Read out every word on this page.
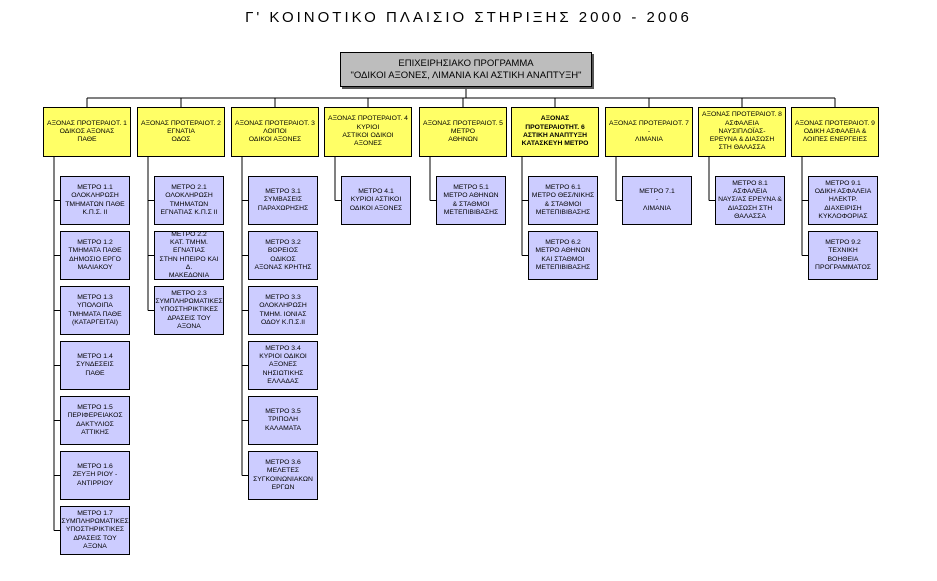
Γ' ΚΟΙΝΟΤΙΚΟ ΠΛΑΙΣΙΟ ΣΤΗΡΙΞΗΣ 2000 - 2006
ΕΠΙΧΕΙΡΗΣΙΑΚΟ ΠΡΟΓΡΑΜΜΑ
"ΟΔΙΚΟΙ ΑΞΟΝΕΣ, ΛΙΜΑΝΙΑ ΚΑΙ ΑΣΤΙΚΗ ΑΝΑΠΤΥΞΗ"
ΑΞΟΝΑΣ ΠΡΟΤΕΡΑΙΟΤ. 1
ΟΔΙΚΟΣ ΑΞΟΝΑΣ
ΠΑΘΕ
ΜΕΤΡΟ 1.1
ΟΛΟΚΛΗΡΩΣΗ
ΤΜΗΜΑΤΩΝ ΠΑΘΕ
Κ.Π.Σ. ΙΙ
ΜΕΤΡΟ 1.2
ΤΜΗΜΑΤΑ ΠΑΘΕ
ΔΗΜΟΣΙΟ ΕΡΓΟ
ΜΑΛΙΑΚΟΥ
ΜΕΤΡΟ 1.3
ΥΠΟΛΟΙΠΑ
ΤΜΗΜΑΤΑ ΠΑΘΕ
(ΚΑΤΑΡΓΕΙΤΑΙ)
ΜΕΤΡΟ 1.4
ΣΥΝΔΕΣΕΙΣ
ΠΑΘΕ
ΜΕΤΡΟ 1.5
ΠΕΡΙΦΕΡΕΙΑΚΟΣ
ΔΑΚΤΥΛΙΟΣ
ΑΤΤΙΚΗΣ
ΜΕΤΡΟ 1.6
ΖΕΥΞΗ ΡΙΟΥ -
ΑΝΤΙΡΡΙΟΥ
ΜΕΤΡΟ 1.7
ΣΥΜΠΛΗΡΩΜΑΤΙΚΕΣ
ΥΠΟΣΤΗΡΙΚΤΙΚΕΣ
ΔΡΑΣΕΙΣ ΤΟΥ ΑΞΟΝΑ
ΑΞΟΝΑΣ ΠΡΟΤΕΡΑΙΟΤ. 2
ΕΓΝΑΤΙΑ
ΟΔΟΣ
ΜΕΤΡΟ 2.1
ΟΛΟΚΛΗΡΩΣΗ
ΤΜΗΜΑΤΩΝ
ΕΓΝΑΤΙΑΣ Κ.Π.Σ ΙΙ
ΜΕΤΡΟ 2.2
ΚΑΤ. ΤΜΗΜ. ΕΓΝΑΤΙΑΣ
ΣΤΗΝ ΗΠΕΙΡΟ ΚΑΙ Δ.
ΜΑΚΕΔΟΝΙΑ
ΜΕΤΡΟ 2.3
ΣΥΜΠΛΗΡΩΜΑΤΙΚΕΣ
ΥΠΟΣΤΗΡΙΚΤΙΚΕΣ
ΔΡΑΣΕΙΣ ΤΟΥ ΑΞΟΝΑ
ΑΞΟΝΑΣ ΠΡΟΤΕΡΑΙΟΤ. 3
ΛΟΙΠΟΙ
ΟΔΙΚΟΙ ΑΞΟΝΕΣ
ΜΕΤΡΟ 3.1
ΣΥΜΒΑΣΕΙΣ
ΠΑΡΑΧΩΡΗΣΗΣ
ΜΕΤΡΟ 3.2
ΒΟΡΕΙΟΣ
ΟΔΙΚΟΣ
ΑΞΟΝΑΣ ΚΡΗΤΗΣ
ΜΕΤΡΟ 3.3
ΟΛΟΚΛΗΡΩΣΗ
ΤΜΗΜ. ΙΟΝΙΑΣ
ΟΔΟΥ Κ.Π.Σ.ΙΙ
ΜΕΤΡΟ 3.4
ΚΥΡΙΟΙ ΟΔΙΚΟΙ
ΑΞΟΝΕΣ ΝΗΣΙΩΤΙΚΗΣ
ΕΛΛΑΔΑΣ
ΜΕΤΡΟ 3.5
ΤΡΙΠΟΛΗ
ΚΑΛΑΜΑΤΑ
ΜΕΤΡΟ 3.6
ΜΕΛΕΤΕΣ
ΣΥΓΚΟΙΝΩΝΙΑΚΩΝ
ΕΡΓΩΝ
ΑΞΟΝΑΣ ΠΡΟΤΕΡΑΙΟΤ. 4
ΚΥΡΙΟΙ
ΑΣΤΙΚΟΙ ΟΔΙΚΟΙ
ΑΞΟΝΕΣ
ΜΕΤΡΟ 4.1
ΚΥΡΙΟΙ ΑΣΤΙΚΟΙ
ΟΔΙΚΟΙ ΑΞΟΝΕΣ
ΑΞΟΝΑΣ ΠΡΟΤΕΡΑΙΟΤ. 5
ΜΕΤΡΟ
ΑΘΗΝΩΝ
ΜΕΤΡΟ 5.1
ΜΕΤΡΟ ΑΘΗΝΩΝ
& ΣΤΑΘΜΟΙ
ΜΕΤΕΠΙΒΙΒΑΣΗΣ
ΑΞΟΝΑΣ
ΠΡΟΤΕΡΑΙΟΤΗΤ. 6
ΑΣΤΙΚΗ ΑΝΑΠΤΥΞΗ
ΚΑΤΑΣΚΕΥΗ ΜΕΤΡΟ
ΜΕΤΡΟ 6.1
ΜΕΤΡΟ ΘΕΣ/ΝΙΚΗΣ
& ΣΤΑΘΜΟΙ
ΜΕΤΕΠΙΒΙΒΑΣΗΣ
ΜΕΤΡΟ 6.2
ΜΕΤΡΟ ΑΘΗΝΩΝ
ΚΑΙ ΣΤΑΘΜΟΙ
ΜΕΤΕΠΙΒΙΒΑΣΗΣ
ΑΞΟΝΑΣ ΠΡΟΤΕΡΑΙΟΤ. 7
-
ΛΙΜΑΝΙΑ
ΜΕΤΡΟ 7.1
-
ΛΙΜΑΝΙΑ
ΑΞΟΝΑΣ ΠΡΟΤΕΡΑΙΟΤ. 8
ΑΣΦΑΛΕΙΑ ΝΑΥΣΙΠΛΟΪΑΣ-
ΕΡΕΥΝΑ & ΔΙΑΣΩΣΗ
ΣΤΗ ΘΑΛΑΣΣΑ
ΜΕΤΡΟ 8.1
ΑΣΦΑΛΕΙΑ
ΝΑΥΣ/ΑΣ ΕΡΕΥΝΑ &
ΔΙΑΣΩΣΗ ΣΤΗ ΘΑΛΑΣΣΑ
ΑΞΟΝΑΣ ΠΡΟΤΕΡΑΙΟΤ. 9
ΟΔΙΚΗ ΑΣΦΑΛΕΙΑ &
ΛΟΙΠΕΣ ΕΝΕΡΓΕΙΕΣ
ΜΕΤΡΟ 9.1
ΟΔΙΚΗ ΑΣΦΑΛΕΙΑ
ΗΛΕΚΤΡ. ΔΙΑΧΕΙΡΙΣΗ
ΚΥΚΛΟΦΟΡΙΑΣ
ΜΕΤΡΟ 9.2
ΤΕΧΝΙΚΗ
ΒΟΗΘΕΙΑ
ΠΡΟΓΡΑΜΜΑΤΟΣ
